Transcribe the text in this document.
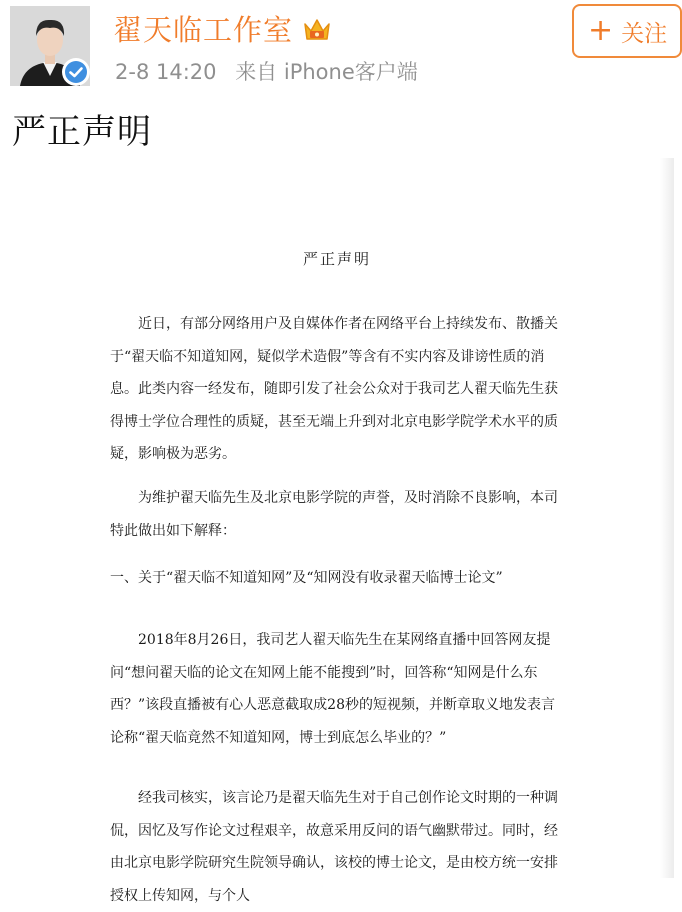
翟天临工作室
2-8 14:20 来自 iPhone客户端
+ 关注
严正声明
严正声明

近日，有部分网络用户及自媒体作者在网络平台上持续发布、散播关于“翟天临不知道知网，疑似学术造假”等含有不实内容及诽谤性质的消息。此类内容一经发布，随即引发了社会公众对于我司艺人翟天临先生获得博士学位合理性的质疑，甚至无端上升到对北京电影学院学术水平的质疑，影响极为恶劣。

为维护翟天临先生及北京电影学院的声誉，及时消除不良影响，本司特此做出如下解释：

一、关于“翟天临不知道知网”及“知网没有收录翟天临博士论文”

2018年8月26日，我司艺人翟天临先生在某网络直播中回答网友提问“想问翟天临的论文在知网上能不能搜到”时，回答称“知网是什么东西？”该段直播被有心人恶意截取成28秒的短视频，并断章取义地发表言论称“翟天临竟然不知道知网，博士到底怎么毕业的？”

经我司核实，该言论乃是翟天临先生对于自己创作论文时期的一种调侃，因忆及写作论文过程艰辛，故意采用反问的语气幽默带过。同时，经由北京电影学院研究生院领导确认，该校的博士论文，是由校方统一安排授权上传知网，与个人
